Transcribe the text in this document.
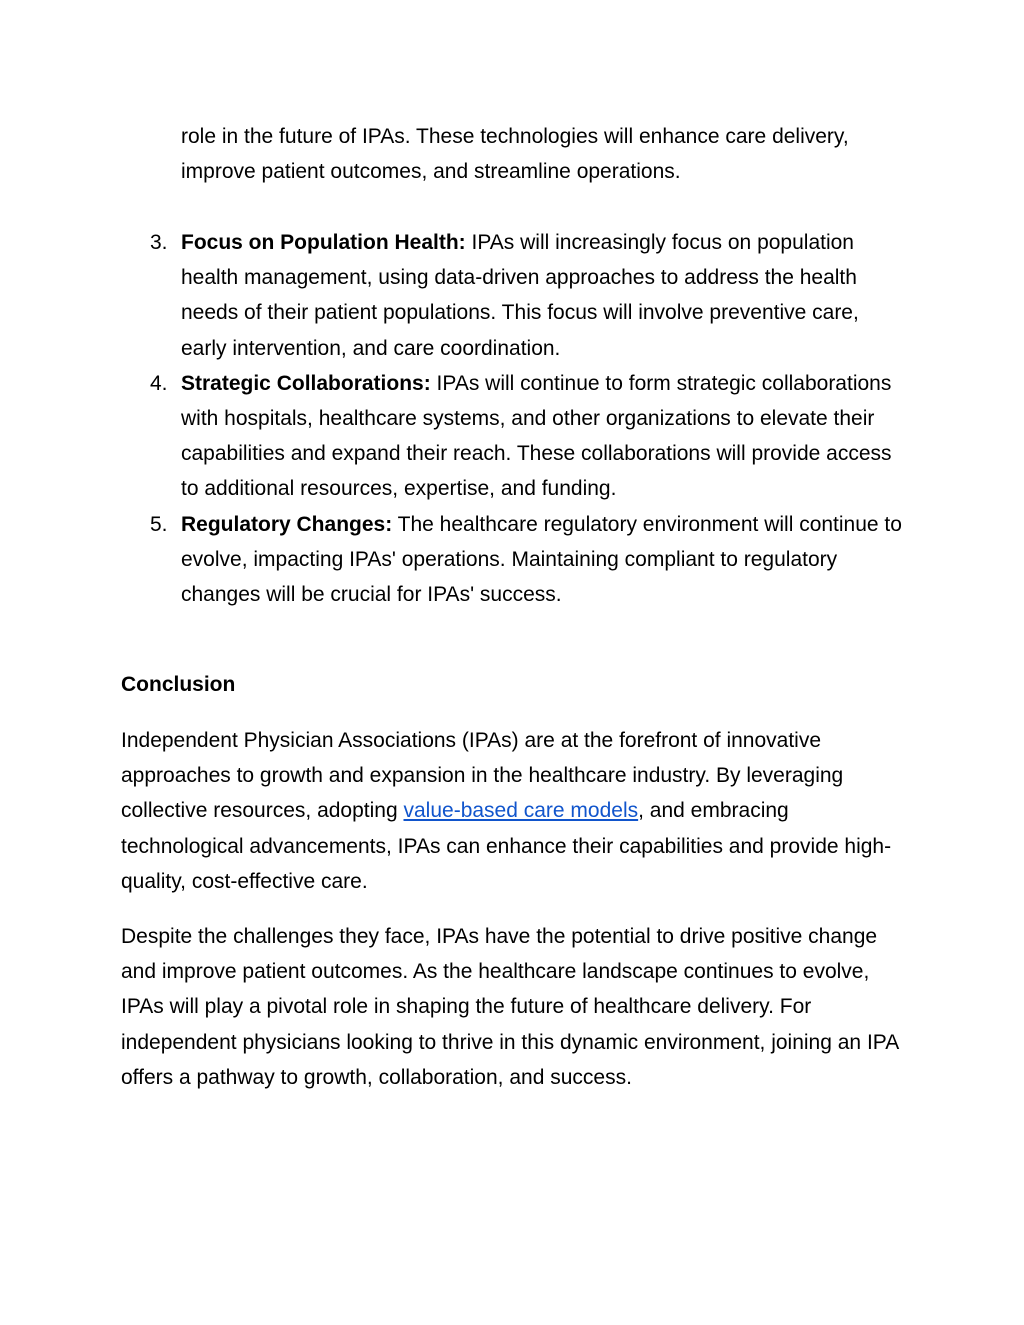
role in the future of IPAs. These technologies will enhance care delivery, improve patient outcomes, and streamline operations.

3. Focus on Population Health: IPAs will increasingly focus on population health management, using data-driven approaches to address the health needs of their patient populations. This focus will involve preventive care, early intervention, and care coordination.
4. Strategic Collaborations: IPAs will continue to form strategic collaborations with hospitals, healthcare systems, and other organizations to elevate their capabilities and expand their reach. These collaborations will provide access to additional resources, expertise, and funding.
5. Regulatory Changes: The healthcare regulatory environment will continue to evolve, impacting IPAs' operations. Maintaining compliant to regulatory changes will be crucial for IPAs' success.
Conclusion

Independent Physician Associations (IPAs) are at the forefront of innovative approaches to growth and expansion in the healthcare industry. By leveraging collective resources, adopting value-based care models, and embracing technological advancements, IPAs can enhance their capabilities and provide high-quality, cost-effective care.

Despite the challenges they face, IPAs have the potential to drive positive change and improve patient outcomes. As the healthcare landscape continues to evolve, IPAs will play a pivotal role in shaping the future of healthcare delivery. For independent physicians looking to thrive in this dynamic environment, joining an IPA offers a pathway to growth, collaboration, and success.
